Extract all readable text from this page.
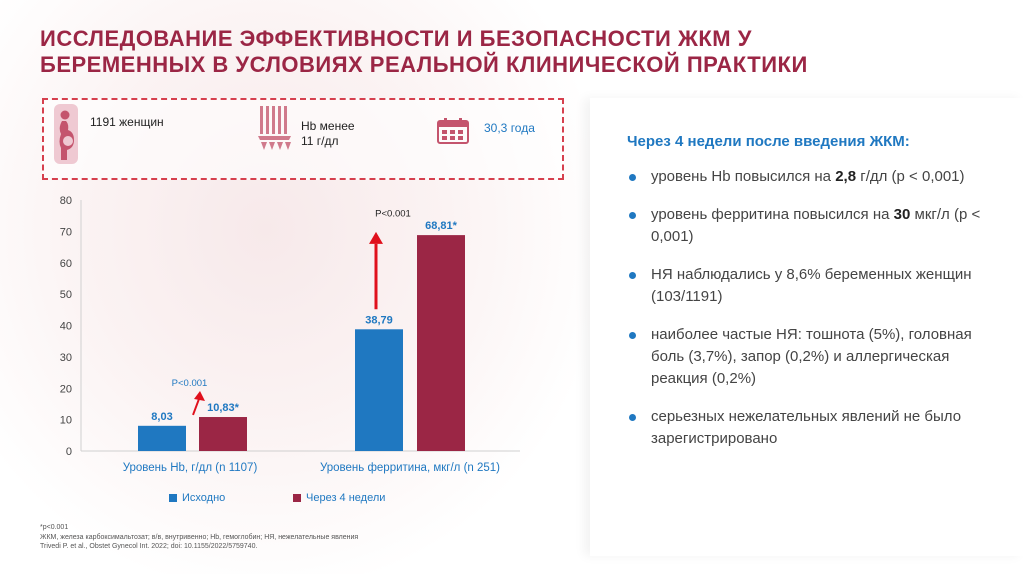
ИССЛЕДОВАНИЕ ЭФФЕКТИВНОСТИ И БЕЗОПАСНОСТИ ЖКМ У БЕРЕМЕННЫХ В УСЛОВИЯХ РЕАЛЬНОЙ КЛИНИЧЕСКОЙ ПРАКТИКИ
1191 женщин	Hb менее
11 г/дл
30,3 года
0
10
20
30
40
50
60
70
80
8,03
10,83*
Уровень Hb, г/дл (n 1107)
38,79
68,81*
Уровень ферритина, мкг/л (n 251)
P<0.001
P<0.001
Исходно	Через 4 недели
*p<0.001
ЖКМ, железа карбоксимальтозат; в/в, внутривенно; Hb, гемоглобин; НЯ, нежелательные явления
Trivedi P. et al., Obstet Gynecol Int. 2022; doi: 10.1155/2022/5759740.
Через 4 недели после введения ЖКМ:
уровень Hb повысился на 2,8 г/дл (р < 0,001)
уровень ферритина повысился на 30 мкг/л (р < 0,001)
НЯ наблюдались у 8,6% беременных женщин (103/1191)
наиболее частые НЯ: тошнота (5%), головная боль (3,7%), запор (0,2%) и аллергическая реакция (0,2%)
серьезных нежелательных явлений не было зарегистрировано
